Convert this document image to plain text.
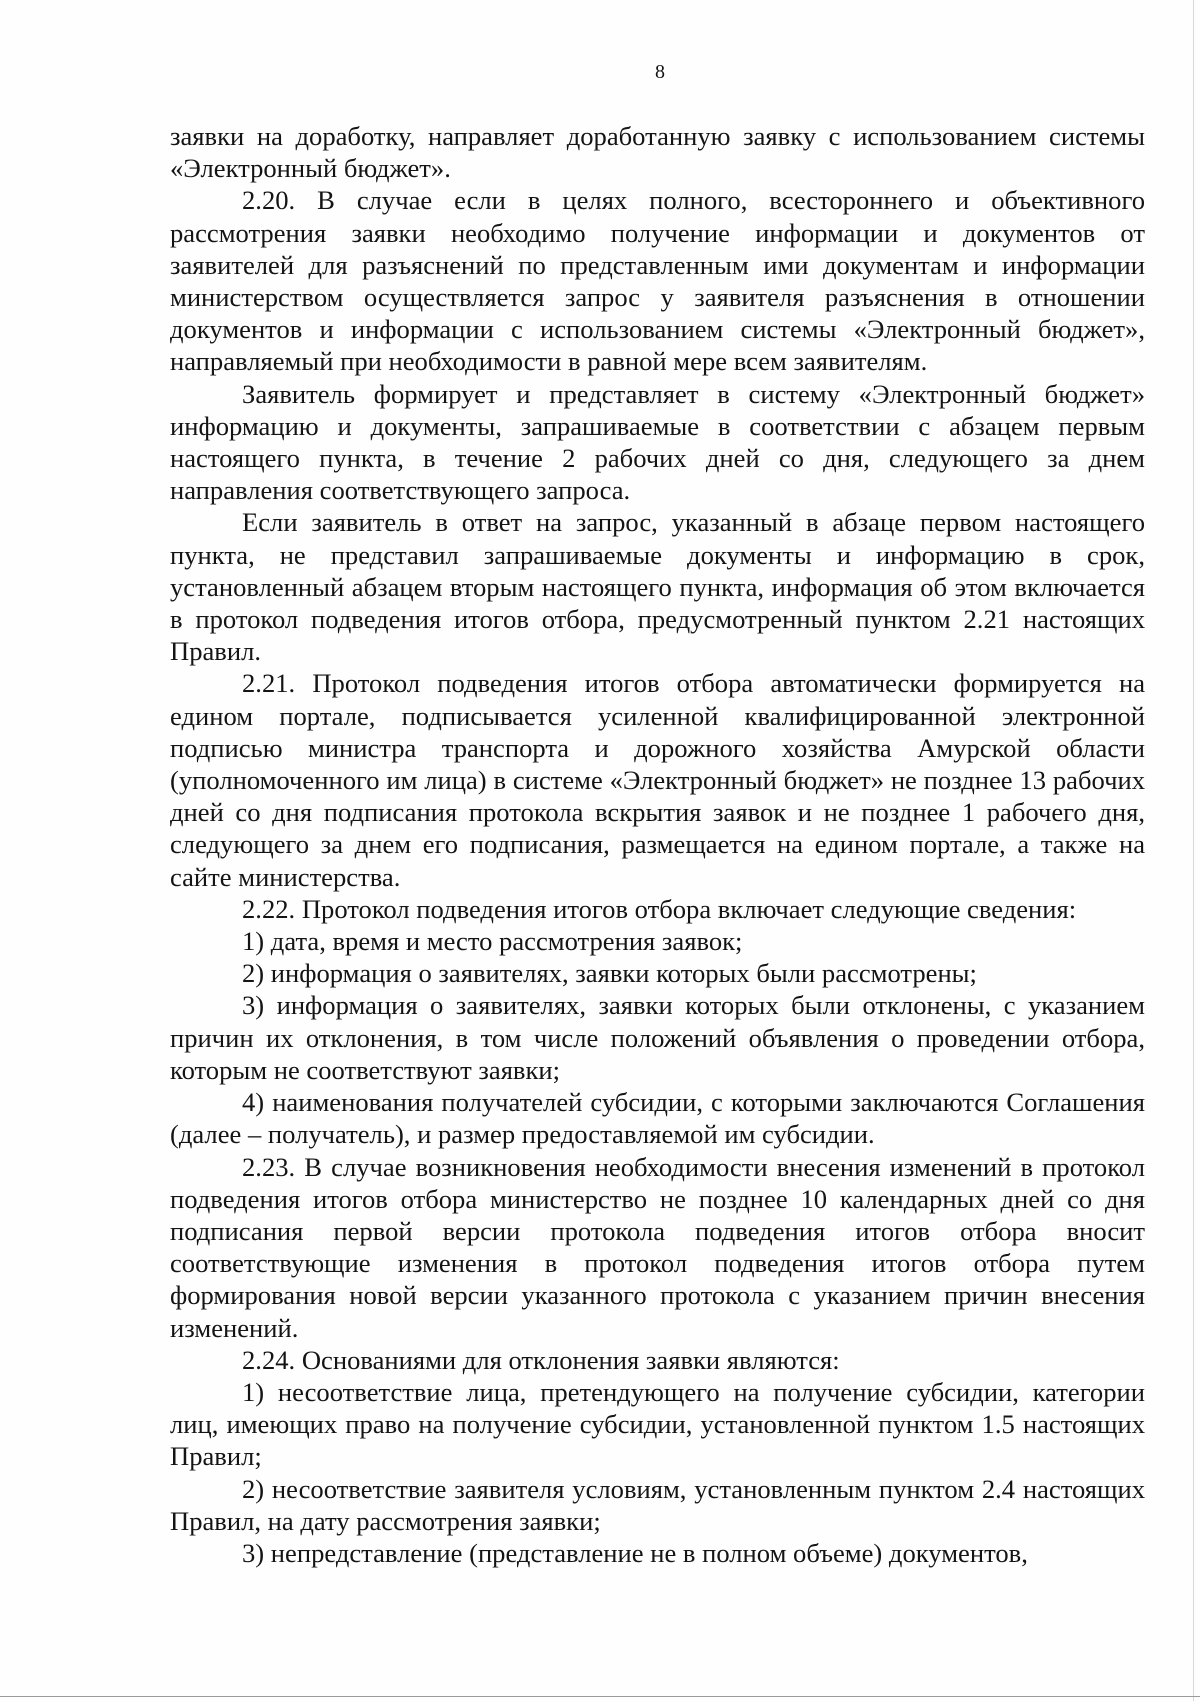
8

заявки на доработку, направляет доработанную заявку с использованием системы «Электронный бюджет».

2.20. В случае если в целях полного, всестороннего и объективного рассмотрения заявки необходимо получение информации и документов от заявителей для разъяснений по представленным ими документам и информации министерством осуществляется запрос у заявителя разъяснения в отношении документов и информации с использованием системы «Электронный бюджет», направляемый при необходимости в равной мере всем заявителям.

Заявитель формирует и представляет в систему «Электронный бюджет» информацию и документы, запрашиваемые в соответствии с абзацем первым настоящего пункта, в течение 2 рабочих дней со дня, следующего за днем направления соответствующего запроса.

Если заявитель в ответ на запрос, указанный в абзаце первом настоящего пункта, не представил запрашиваемые документы и информацию в срок, установленный абзацем вторым настоящего пункта, информация об этом включается в протокол подведения итогов отбора, предусмотренный пунктом 2.21 настоящих Правил.

2.21. Протокол подведения итогов отбора автоматически формируется на едином портале, подписывается усиленной квалифицированной электронной подписью министра транспорта и дорожного хозяйства Амурской области (уполномоченного им лица) в системе «Электронный бюджет» не позднее 13 рабочих дней со дня подписания протокола вскрытия заявок и не позднее 1 рабочего дня, следующего за днем его подписания, размещается на едином портале, а также на сайте министерства.

2.22. Протокол подведения итогов отбора включает следующие сведения:

1) дата, время и место рассмотрения заявок;

2) информация о заявителях, заявки которых были рассмотрены;

3) информация о заявителях, заявки которых были отклонены, с указанием причин их отклонения, в том числе положений объявления о проведении отбора, которым не соответствуют заявки;

4) наименования получателей субсидии, с которыми заключаются Соглашения (далее – получатель), и размер предоставляемой им субсидии.

2.23. В случае возникновения необходимости внесения изменений в протокол подведения итогов отбора министерство не позднее 10 календарных дней со дня подписания первой версии протокола подведения итогов отбора вносит соответствующие изменения в протокол подведения итогов отбора путем формирования новой версии указанного протокола с указанием причин внесения изменений.

2.24. Основаниями для отклонения заявки являются:

1) несоответствие лица, претендующего на получение субсидии, категории лиц, имеющих право на получение субсидии, установленной пунктом 1.5 настоящих Правил;

2) несоответствие заявителя условиям, установленным пунктом 2.4 настоящих Правил, на дату рассмотрения заявки;

3) непредставление (представление не в полном объеме) документов,
